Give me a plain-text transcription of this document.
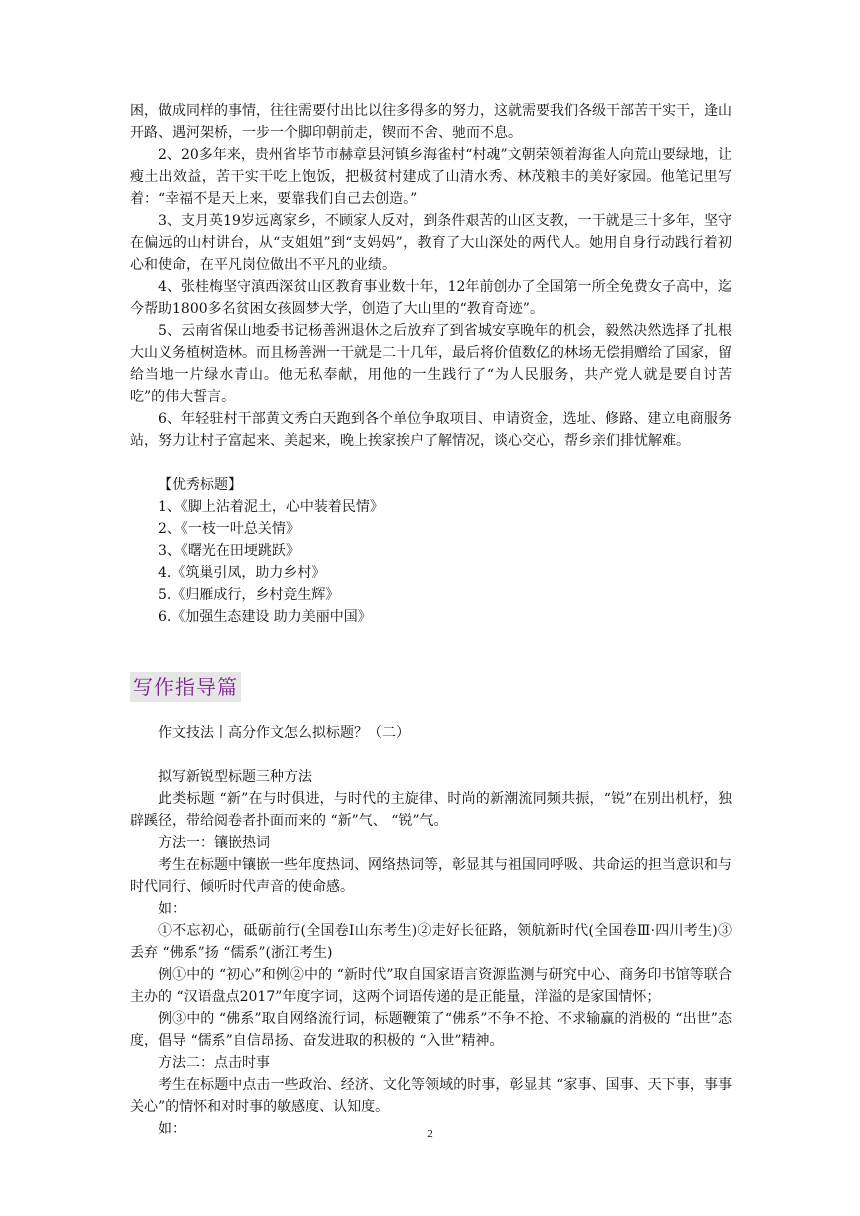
困，做成同样的事情，往往需要付出比以往多得多的努力，这就需要我们各级干部苦干实干，逢山开路、遇河架桥，一步一个脚印朝前走，锲而不舍、驰而不息。

2、20多年来，贵州省毕节市赫章县河镇乡海雀村“村魂”文朝荣领着海雀人向荒山要绿地，让瘦土出效益，苦干实干吃上饱饭，把极贫村建成了山清水秀、林茂粮丰的美好家园。他笔记里写着：“幸福不是天上来，要靠我们自己去创造。”

3、支月英19岁远离家乡，不顾家人反对，到条件艰苦的山区支教，一干就是三十多年，坚守在偏远的山村讲台，从“支姐姐”到“支妈妈”，教育了大山深处的两代人。她用自身行动践行着初心和使命，在平凡岗位做出不平凡的业绩。

4、张桂梅坚守滇西深贫山区教育事业数十年，12年前创办了全国第一所全免费女子高中，迄今帮助1800多名贫困女孩圆梦大学，创造了大山里的“教育奇迹”。

5、云南省保山地委书记杨善洲退休之后放弃了到省城安享晚年的机会，毅然决然选择了扎根大山义务植树造林。而且杨善洲一干就是二十几年，最后将价值数亿的林场无偿捐赠给了国家，留给当地一片绿水青山。他无私奉献，用他的一生践行了“为人民服务，共产党人就是要自讨苦吃”的伟大誓言。

6、年轻驻村干部黄文秀白天跑到各个单位争取项目、申请资金，选址、修路、建立电商服务站，努力让村子富起来、美起来，晚上挨家挨户了解情况，谈心交心，帮乡亲们排忧解难。

【优秀标题】

1、《脚上沾着泥土，心中装着民情》

2、《一枝一叶总关情》

3、《曙光在田埂跳跃》

4.《筑巢引凤，助力乡村》

5.《归雁成行，乡村竞生辉》

6.《加强生态建设 助力美丽中国》

写作指导篇

作文技法丨高分作文怎么拟标题？（二）

拟写新锐型标题三种方法

此类标题 “新”在与时俱进，与时代的主旋律、时尚的新潮流同频共振，“锐”在别出机杼，独辟蹊径，带给阅卷者扑面而来的 “新”气、 “锐”气。

方法一：镶嵌热词

考生在标题中镶嵌一些年度热词、网络热词等，彰显其与祖国同呼吸、共命运的担当意识和与时代同行、倾听时代声音的使命感。

如：

①不忘初心，砥砺前行(全国卷Ⅰ山东考生)②走好长征路，领航新时代(全国卷Ⅲ·四川考生)③丢弃 “佛系”扬 “儒系”(浙江考生)

例①中的 “初心”和例②中的 “新时代”取自国家语言资源监测与研究中心、商务印书馆等联合主办的 “汉语盘点2017”年度字词，这两个词语传递的是正能量，洋溢的是家国情怀；

例③中的 “佛系”取自网络流行词，标题鞭策了“佛系”不争不抢、不求输赢的消极的 “出世”态度，倡导 “儒系”自信昂扬、奋发进取的积极的 “入世”精神。

方法二：点击时事

考生在标题中点击一些政治、经济、文化等领域的时事，彰显其 “家事、国事、天下事，事事关心”的情怀和对时事的敏感度、认知度。

如：	2
